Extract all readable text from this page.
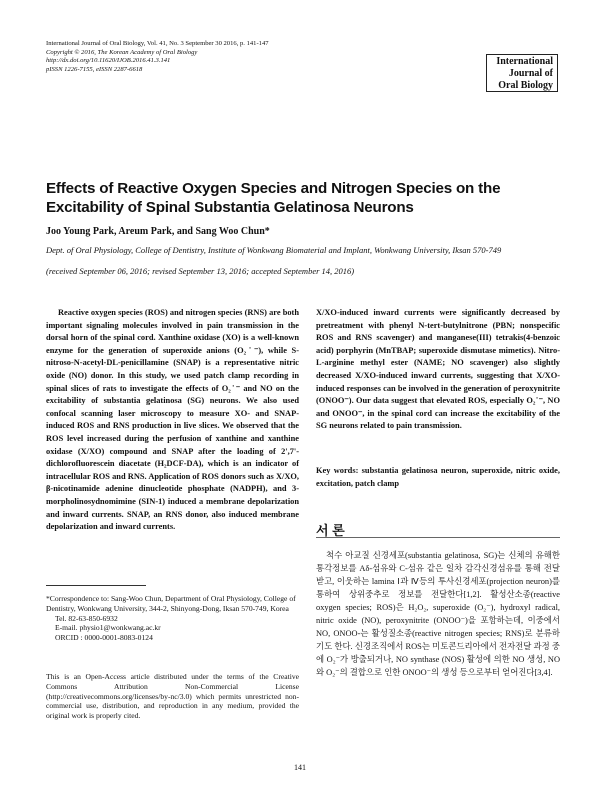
International Journal of Oral Biology, Vol. 41, No. 3 September 30 2016, p. 141-147
Copyright © 2016, The Korean Academy of Oral Biology
http://dx.doi.org/10.11620/IJOB.2016.41.3.141
pISSN 1226-7155, eISSN 2287-6618
International
Journal of
Oral Biology
Effects of Reactive Oxygen Species and Nitrogen Species on the Excitability of Spinal Substantia Gelatinosa Neurons
Joo Young Park, Areum Park, and Sang Woo Chun*
Dept. of Oral Physiology, College of Dentistry, Institute of Wonkwang Biomaterial and Implant, Wonkwang University, Iksan 570-749
(received September 06, 2016; revised September 13, 2016; accepted September 14, 2016)
Reactive oxygen species (ROS) and nitrogen species (RNS) are both important signaling molecules involved in pain transmission in the dorsal horn of the spinal cord. Xanthine oxidase (XO) is a well-known enzyme for the generation of superoxide anions (O₂˙⁻), while S-nitroso-N-acetyl-DL-penicillamine (SNAP) is a representative nitric oxide (NO) donor. In this study, we used patch clamp recording in spinal slices of rats to investigate the effects of O₂˙⁻ and NO on the excitability of substantia gelatinosa (SG) neurons. We also used confocal scanning laser microscopy to measure XO- and SNAP-induced ROS and RNS production in live slices. We observed that the ROS level increased during the perfusion of xanthine and xanthine oxidase (X/XO) compound and SNAP after the loading of 2',7'-dichlorofluorescein diacetate (H₂DCF-DA), which is an indicator of intracellular ROS and RNS. Application of ROS donors such as X/XO, β-nicotinamide adenine dinucleotide phosphate (NADPH), and 3-morpholinosydnomimine (SIN-1) induced a membrane depolarization and inward currents. SNAP, an RNS donor, also induced membrane depolarization and inward currents.
X/XO-induced inward currents were significantly decreased by pretreatment with phenyl N-tert-butylnitrone (PBN; nonspecific ROS and RNS scavenger) and manganese(III) tetrakis(4-benzoic acid) porphyrin (MnTBAP; superoxide dismutase mimetics). Nitro-L-arginine methyl ester (NAME; NO scavenger) also slightly decreased X/XO-induced inward currents, suggesting that X/XO-induced responses can be involved in the generation of peroxynitrite (ONOO⁻). Our data suggest that elevated ROS, especially O₂˙⁻, NO and ONOO⁻, in the spinal cord can increase the excitability of the SG neurons related to pain transmission.
Key words: substantia gelatinosa neuron, superoxide, nitric oxide, excitation, patch clamp
서 론
척수 아교질 신경세포(substantia gelatinosa, SG)는 신체의 유해한 통각정보를 Aδ-섬유와 C-섬유 같은 일차 감각신경섬유를 통해 전달받고, 이웃하는 lamina Ⅰ과 Ⅳ등의 투사신경세포(projection neuron)를 통하여 상위중추로 정보를 전달한다[1,2]. 활성산소종(reactive oxygen species; ROS)은 H₂O₂, superoxide (O₂⁻), hydroxyl radical, nitric oxide (NO), peroxynitrite (ONOO⁻)을 포함하는데, 이중에서 NO, ONOO-는 활성질소종(reactive nitrogen species; RNS)로 분류하기도 한다. 신경조직에서 ROS는 미토콘드리아에서 전자전달 과정 중에 O₂⁻가 방출되거나, NO synthase (NOS) 활성에 의한 NO 생성, NO와 O₂⁻의 결합으로 인한 ONOO⁻의 생성 등으로부터 얻어진다[3,4].
*Correspondence to: Sang-Woo Chun, Department of Oral Physiology, College of Dentistry, Wonkwang University, 344-2, Shinyong-Dong, Iksan 570-749, Korea
Tel. 82-63-850-6932
E-mail. physio1@wonkwang.ac.kr
ORCID : 0000-0001-8083-0124
This is an Open-Access article distributed under the terms of the Creative Commons Attribution Non-Commercial License (http://creativecommons.org/licenses/by-nc/3.0) which permits unrestricted non-commercial use, distribution, and reproduction in any medium, provided the original work is properly cited.
141
